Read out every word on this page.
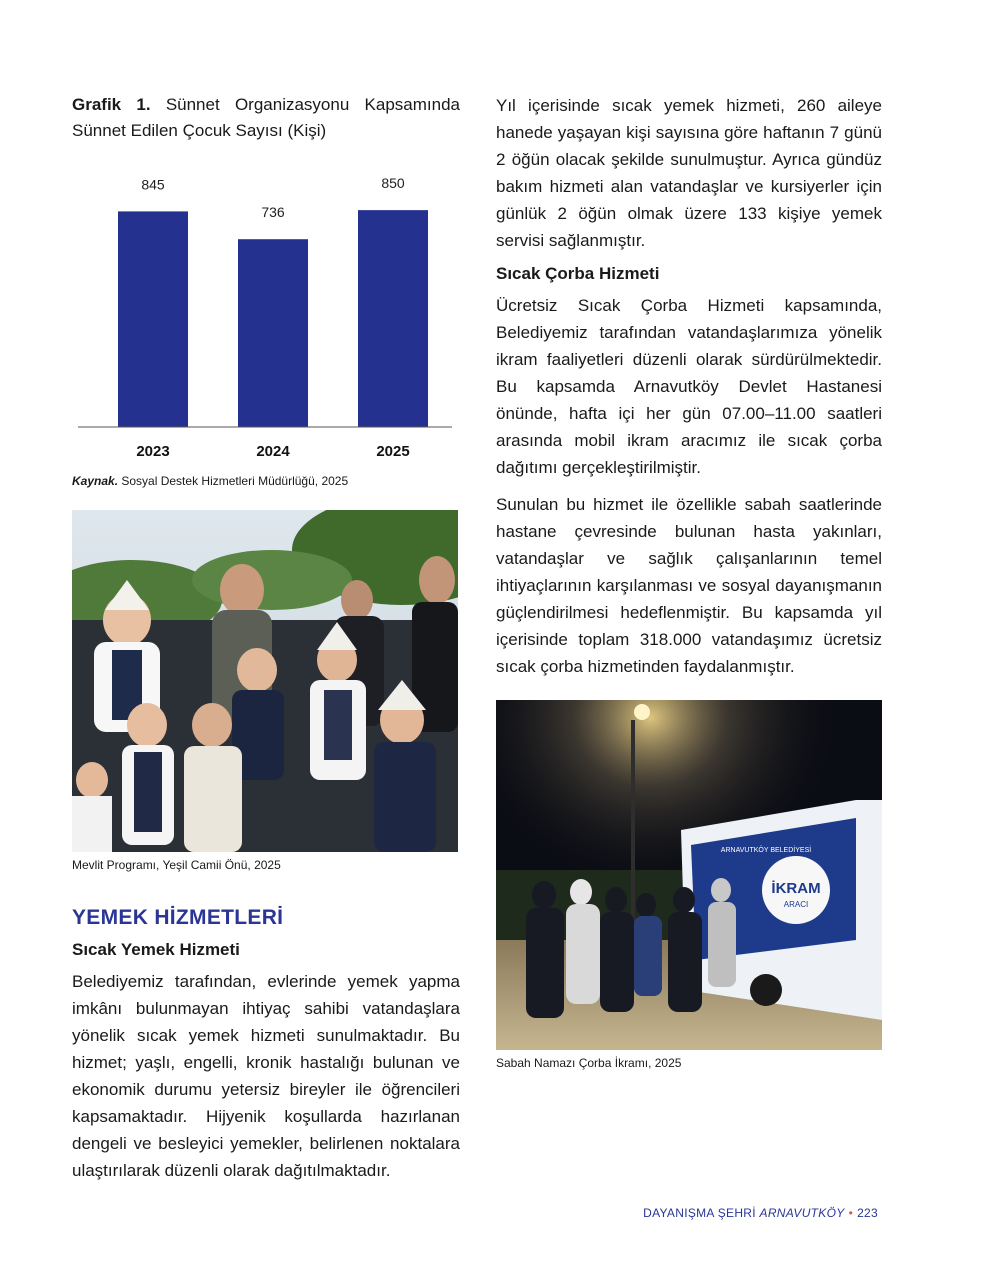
Grafik 1. Sünnet Organizasyonu Kapsamında Sünnet Edilen Çocuk Sayısı (Kişi)

845
2023
736
2024
850
2025
Kaynak. Sosyal Destek Hizmetleri Müdürlüğü, 2025
Mevlit Programı, Yeşil Camii Önü, 2025
YEMEK HİZMETLERİ
Sıcak Yemek Hizmeti

Belediyemiz tarafından, evlerinde yemek yapma imkânı bulunmayan ihtiyaç sahibi vatandaşlara yönelik sıcak yemek hizmeti sunulmaktadır. Bu hizmet; yaşlı, engelli, kronik hastalığı bulunan ve ekonomik durumu yetersiz bireyler ile öğrencileri kapsamaktadır. Hijyenik koşullarda hazırlanan dengeli ve besleyici yemekler, belirlenen noktalara ulaştırılarak düzenli olarak dağıtılmaktadır.

Yıl içerisinde sıcak yemek hizmeti, 260 aileye hanede yaşayan kişi sayısına göre haftanın 7 günü 2 öğün olacak şekilde sunulmuştur. Ayrıca gündüz bakım hizmeti alan vatandaşlar ve kursiyerler için günlük 2 öğün olmak üzere 133 kişiye yemek servisi sağlanmıştır.

Sıcak Çorba Hizmeti

Ücretsiz Sıcak Çorba Hizmeti kapsamında, Belediyemiz tarafından vatandaşlarımıza yönelik ikram faaliyetleri düzenli olarak sürdürülmektedir. Bu kapsamda Arnavutköy Devlet Hastanesi önünde, hafta içi her gün 07.00–11.00 saatleri arasında mobil ikram aracımız ile sıcak çorba dağıtımı gerçekleştirilmiştir.

Sunulan bu hizmet ile özellikle sabah saatlerinde hastane çevresinde bulunan hasta yakınları, vatandaşlar ve sağlık çalışanlarının temel ihtiyaçlarının karşılanması ve sosyal dayanışmanın güçlendirilmesi hedeflenmiştir. Bu kapsamda yıl içerisinde toplam 318.000 vatandaşımız ücretsiz sıcak çorba hizmetinden faydalanmıştır.

İKRAM
ARACI
ARNAVUTKÖY BELEDİYESİ
Sabah Namazı Çorba İkramı, 2025
DAYANIŞMA ŞEHRİ ARNAVUTKÖY • 223
